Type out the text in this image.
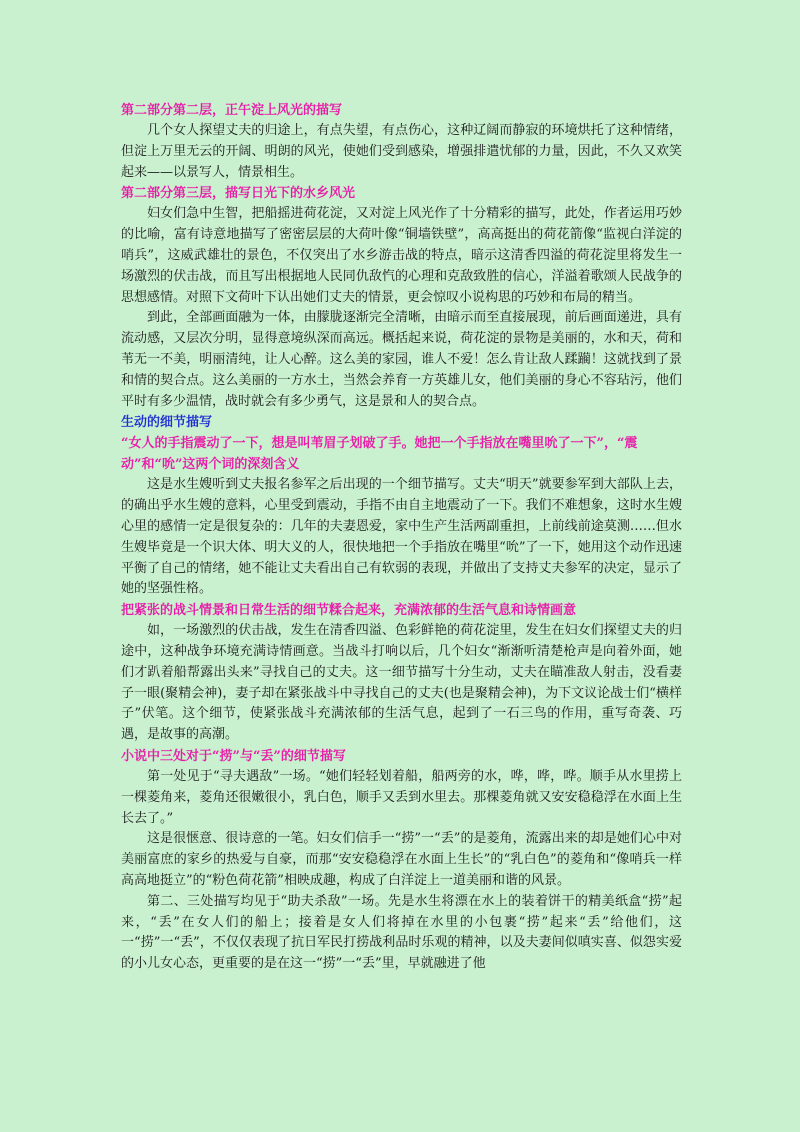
第二部分第二层，正午淀上风光的描写

几个女人探望丈夫的归途上，有点失望，有点伤心，这种辽阔而静寂的环境烘托了这种情绪，但淀上万里无云的开阔、明朗的风光，使她们受到感染，增强排遣忧郁的力量，因此，不久又欢笑起来——以景写人，情景相生。

第二部分第三层，描写日光下的水乡风光

妇女们急中生智，把船摇进荷花淀，又对淀上风光作了十分精彩的描写，此处，作者运用巧妙的比喻，富有诗意地描写了密密层层的大荷叶像“铜墙铁壁”，高高挺出的荷花箭像“监视白洋淀的哨兵”，这威武雄壮的景色，不仅突出了水乡游击战的特点，暗示这清香四溢的荷花淀里将发生一场激烈的伏击战，而且写出根据地人民同仇敌忾的心理和克敌致胜的信心，洋溢着歌颂人民战争的思想感情。对照下文荷叶下认出她们丈夫的情景，更会惊叹小说构思的巧妙和布局的精当。

到此，全部画面融为一体，由朦胧逐渐完全清晰，由暗示而至直接展现，前后画面递进，具有流动感，又层次分明，显得意境纵深而高远。概括起来说，荷花淀的景物是美丽的，水和天，荷和苇无一不美，明丽清纯，让人心醉。这么美的家园，谁人不爱！怎么肯让敌人蹂躏！这就找到了景和情的契合点。这么美丽的一方水土，当然会养育一方英雄儿女，他们美丽的身心不容玷污，他们平时有多少温情，战时就会有多少勇气，这是景和人的契合点。

生动的细节描写
“女人的手指震动了一下，想是叫苇眉子划破了手。她把一个手指放在嘴里吮了一下”，“震动”和“吮”这两个词的深刻含义

这是水生嫂听到丈夫报名参军之后出现的一个细节描写。丈夫“明天”就要参军到大部队上去，的确出乎水生嫂的意料，心里受到震动，手指不由自主地震动了一下。我们不难想象，这时水生嫂心里的感情一定是很复杂的：几年的夫妻恩爱，家中生产生活两副重担，上前线前途莫测……但水生嫂毕竟是一个识大体、明大义的人，很快地把一个手指放在嘴里“吮”了一下，她用这个动作迅速平衡了自己的情绪，她不能让丈夫看出自己有软弱的表现，并做出了支持丈夫参军的决定，显示了她的坚强性格。

把紧张的战斗情景和日常生活的细节糅合起来，充满浓郁的生活气息和诗情画意

如，一场激烈的伏击战，发生在清香四溢、色彩鲜艳的荷花淀里，发生在妇女们探望丈夫的归途中，这种战争环境充满诗情画意。当战斗打响以后，几个妇女“渐渐听清楚枪声是向着外面，她们才趴着船帮露出头来”寻找自己的丈夫。这一细节描写十分生动，丈夫在瞄准敌人射击，没看妻子一眼(聚精会神)，妻子却在紧张战斗中寻找自己的丈夫(也是聚精会神)，为下文议论战士们“横样子”伏笔。这个细节，使紧张战斗充满浓郁的生活气息，起到了一石三鸟的作用，重写奇袭、巧遇，是故事的高潮。

小说中三处对于“捞”与“丢”的细节描写

第一处见于“寻夫遇敌”一场。“她们轻轻划着船，船两旁的水，哗，哗，哗。顺手从水里捞上一棵菱角来，菱角还很嫩很小，乳白色，顺手又丢到水里去。那棵菱角就又安安稳稳浮在水面上生长去了。”

这是很惬意、很诗意的一笔。妇女们信手一“捞”一“丢”的是菱角，流露出来的却是她们心中对美丽富庶的家乡的热爱与自豪，而那“安安稳稳浮在水面上生长”的“乳白色”的菱角和“像哨兵一样高高地挺立”的“粉色荷花箭”相映成趣，构成了白洋淀上一道美丽和谐的风景。

第二、三处描写均见于“助夫杀敌”一场。先是水生将漂在水上的装着饼干的精美纸盒“捞”起来，“丢”在女人们的船上；接着是女人们将掉在水里的小包裹“捞”起来“丢”给他们，这一“捞”一“丢”，不仅仅表现了抗日军民打捞战利品时乐观的精神，以及夫妻间似嗔实喜、似怨实爱的小儿女心态，更重要的是在这一“捞”一“丢”里，早就融进了他
